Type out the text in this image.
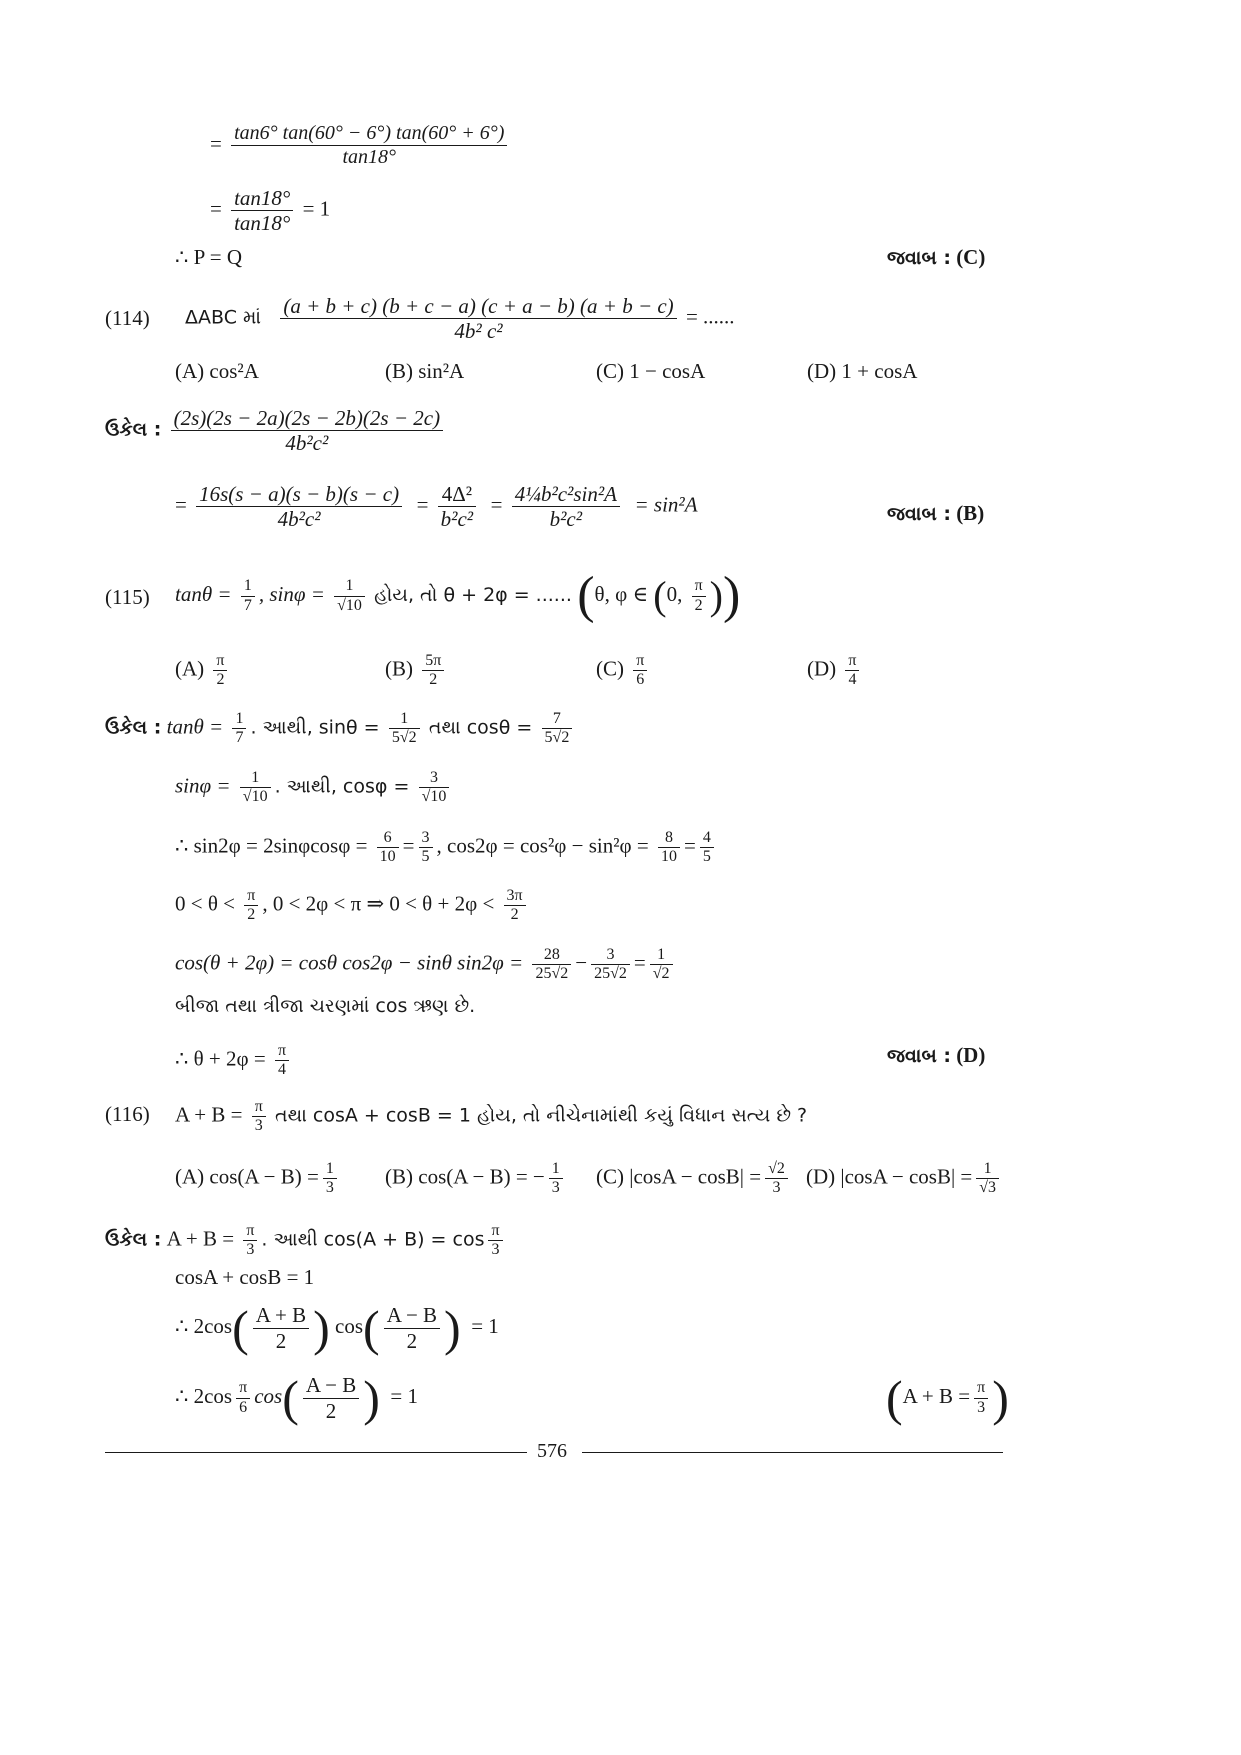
= $\frac{\tan 6^\circ \tan(60^\circ - 6^\circ) \tan(60^\circ + 6^\circ)}{\tan 18^\circ}$
= $\frac{\tan 18^\circ}{\tan 18^\circ} = 1$
∴ P = Q	જવાબ : (C)
(114) ΔABC માં $\frac{(a + b + c) (b + c - a) (c + a - b) (a + b - c)}{\text{4b² c²}}$ = ......
(A) cos²A	(B) sin²A	(C) 1 − cosA	(D) 1 + cosA
ઉકેલ : $\frac{(2s)(2s - 2a)(2s - 2b)(2s - 2c)}{\text{4b²c²}}$
= $\frac{16s(s - a)(s - b)(s - c)}{\text{4b²c²}} = \frac{\text{4Δ²}}{\text{b²c²}} = \frac{\text{4¼b²c²sin²A}}{\text{b²c²}} = \sin^2A$	જવાબ : (B)
(115) $\tan\theta = \frac{1}{7}$ , $\sin\varphi = \frac{1}{√10}$ હોય, તો θ + 2φ = ...... (θ, φ ∈ (0, $\frac{\pi}{2}$ ))
$(A) \frac{\pi}{2}$	$(B) \frac{5\pi}{2}$	$(C) \frac{\pi}{6}$	$(D) \frac{\pi}{4}$
ઉકેલ : $\tan\theta = \frac{1}{7}$ . આથી, $\sin\theta = \frac{1}{5√2}$ તથા $\cos\theta = \frac{7}{5√2}$
$\sin\varphi = \frac{1}{√10}$ . આથી, $\cos\varphi = \frac{3}{√10}$
∴ $\sin 2\varphi = 2\sin\varphi\cos\varphi = \frac{6}{10} = \frac{3}{5}$ , $\cos 2\varphi = \cos^2\varphi - \sin^2\varphi = \frac{8}{10} = \frac{4}{5}$
$0 < \theta < \frac{\pi}{2}$ , 0 < 2φ < π ⇒ $0 < \theta + 2\varphi < \frac{3\pi}{2}$
cos(θ + 2φ) = cosθ cos2φ − sinθ $\sin 2\varphi = \frac{28}{25√2} - \frac{3}{25√2} = \frac{1}{√2}$
બીજા તથા ત્રીજા ચરણમાં cos ઋણ છે.
∴ $\theta + 2\varphi = \frac{\pi}{4}$	જવાબ : (D)
(116) $A + B = \frac{\pi}{3}$ તથા cosA + cosB = 1 હોય, તો નીચેનામાંથી કયું વિધાન સત્ય છે ?
(A) $\cos(A - B) = \frac{1}{3} (B) \cos(A - B)$ = − $\frac{1}{3} (C) |\cos A - \cos B| = \frac{√2}{3} (D) |\cos A - \cos B| = \frac{1}{√3}$
ઉકેલ : $A + B = \frac{\pi}{3}$ . આથી $\cos(A + B) = \cos \frac{\pi}{3}$
cosA + cosB = 1
∴ $2\cos( \frac{A + B}{2}$ ) $\cos( \frac{A - B}{2}$ ) = 1
∴ $2\cos \frac{\pi}{6} \cos( \frac{A - B}{2}$ ) = 1	($A + B = \frac{\pi}{3}$ )
576
